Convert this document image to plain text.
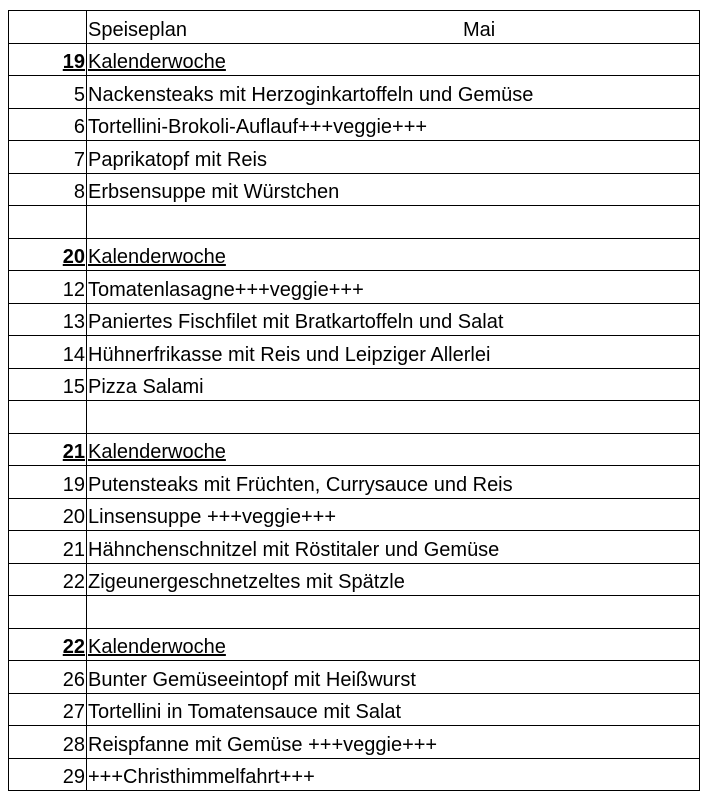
	Speiseplan Mai

19	Kalenderwoche
5	Nackensteaks mit Herzoginkartoffeln und Gemüse
6	Tortellini-Brokoli-Auflauf+++veggie+++
7	Paprikatopf mit Reis
8	Erbsensuppe mit Würstchen

20	Kalenderwoche
12	Tomatenlasagne+++veggie+++
13	Paniertes Fischfilet mit Bratkartoffeln und Salat
14	Hühnerfrikasse mit Reis und Leipziger Allerlei
15	Pizza Salami

21	Kalenderwoche
19	Putensteaks mit Früchten, Currysauce und Reis
20	Linsensuppe +++veggie+++
21	Hähnchenschnitzel mit Röstitaler und Gemüse
22	Zigeunergeschnetzeltes mit Spätzle

22	Kalenderwoche
26	Bunter Gemüseeintopf mit Heißwurst
27	Tortellini in Tomatensauce mit Salat
28	Reispfanne mit Gemüse +++veggie+++
29	+++Christhimmelfahrt+++
